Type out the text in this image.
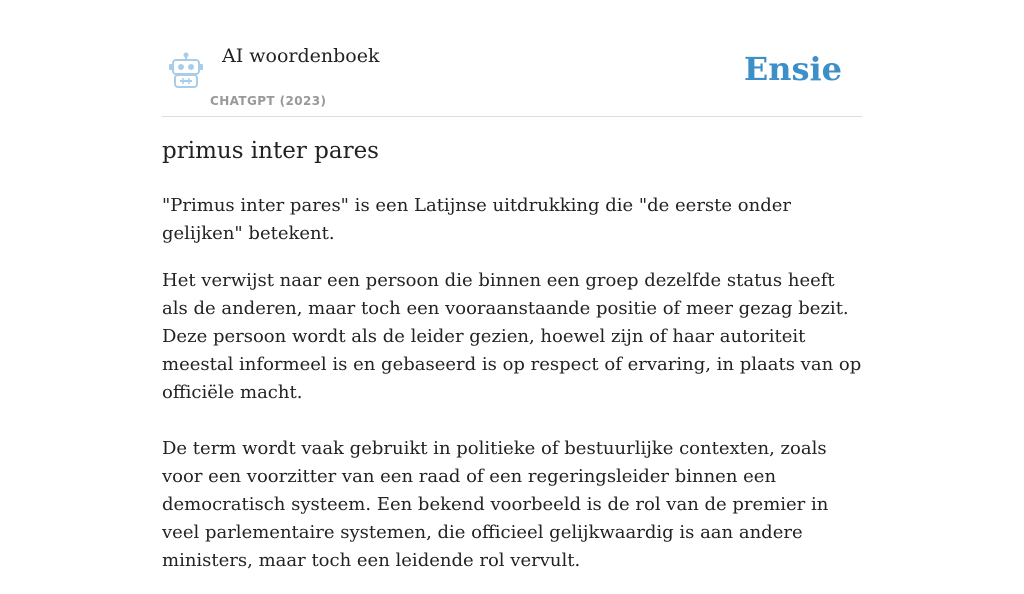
AI woordenboek
CHATGPT (2023)
Ensie
primus inter pares

"Primus inter pares" is een Latijnse uitdrukking die "de eerste onder gelijken" betekent.

Het verwijst naar een persoon die binnen een groep dezelfde status heeft als de anderen, maar toch een vooraanstaande positie of meer gezag bezit. Deze persoon wordt als de leider gezien, hoewel zijn of haar autoriteit meestal informeel is en gebaseerd is op respect of ervaring, in plaats van op officiële macht.

De term wordt vaak gebruikt in politieke of bestuurlijke contexten, zoals voor een voorzitter van een raad of een regeringsleider binnen een democratisch systeem. Een bekend voorbeeld is de rol van de premier in veel parlementaire systemen, die officieel gelijkwaardig is aan andere ministers, maar toch een leidende rol vervult.
